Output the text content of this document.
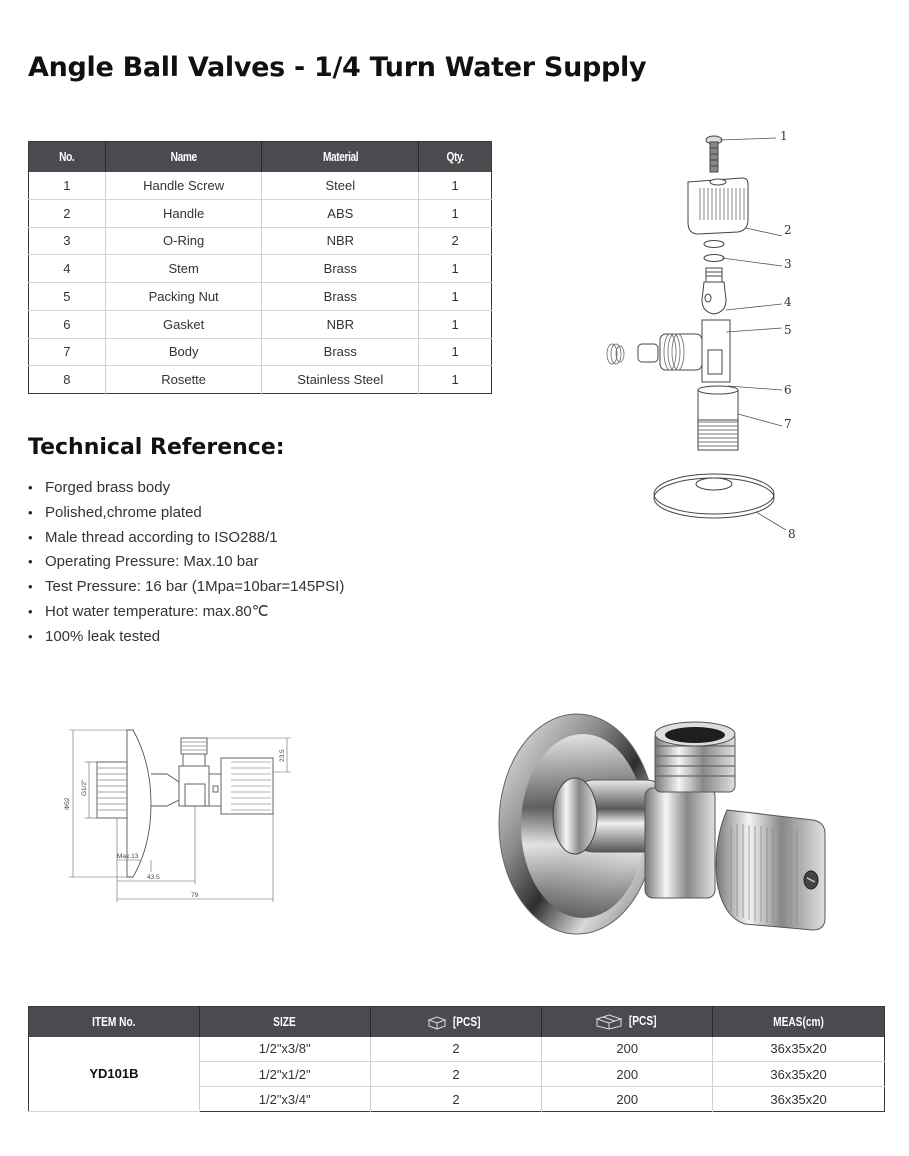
Angle Ball Valves - 1/4 Turn Water Supply
No.	Name	Material	Qty.
1	Handle Screw	Steel	1
2	Handle	ABS	1
3	O-Ring	NBR	2
4	Stem	Brass	1
5	Packing Nut	Brass	1
6	Gasket	NBR	1
7	Body	Brass	1
8	Rosette	Stainless Steel	1
Technical Reference:
• Forged brass body
• Polished,chrome plated
• Male thread according to ISO288/1
• Operating Pressure: Max.10 bar
• Test Pressure: 16 bar (1Mpa=10bar=145PSI)
• Hot water temperature: max.80℃
• 100% leak tested
1
2
3
4
5
6
7
8
Φ52
G1/2"
23.5
Max.13
43.5
79
ITEM No.	SIZE	[PCS]	[PCS]	MEAS(cm)
YD101B	1/2"x3/8"	2	200	36x35x20
	1/2"x1/2"	2	200	36x35x20
	1/2"x3/4"	2	200	36x35x20
